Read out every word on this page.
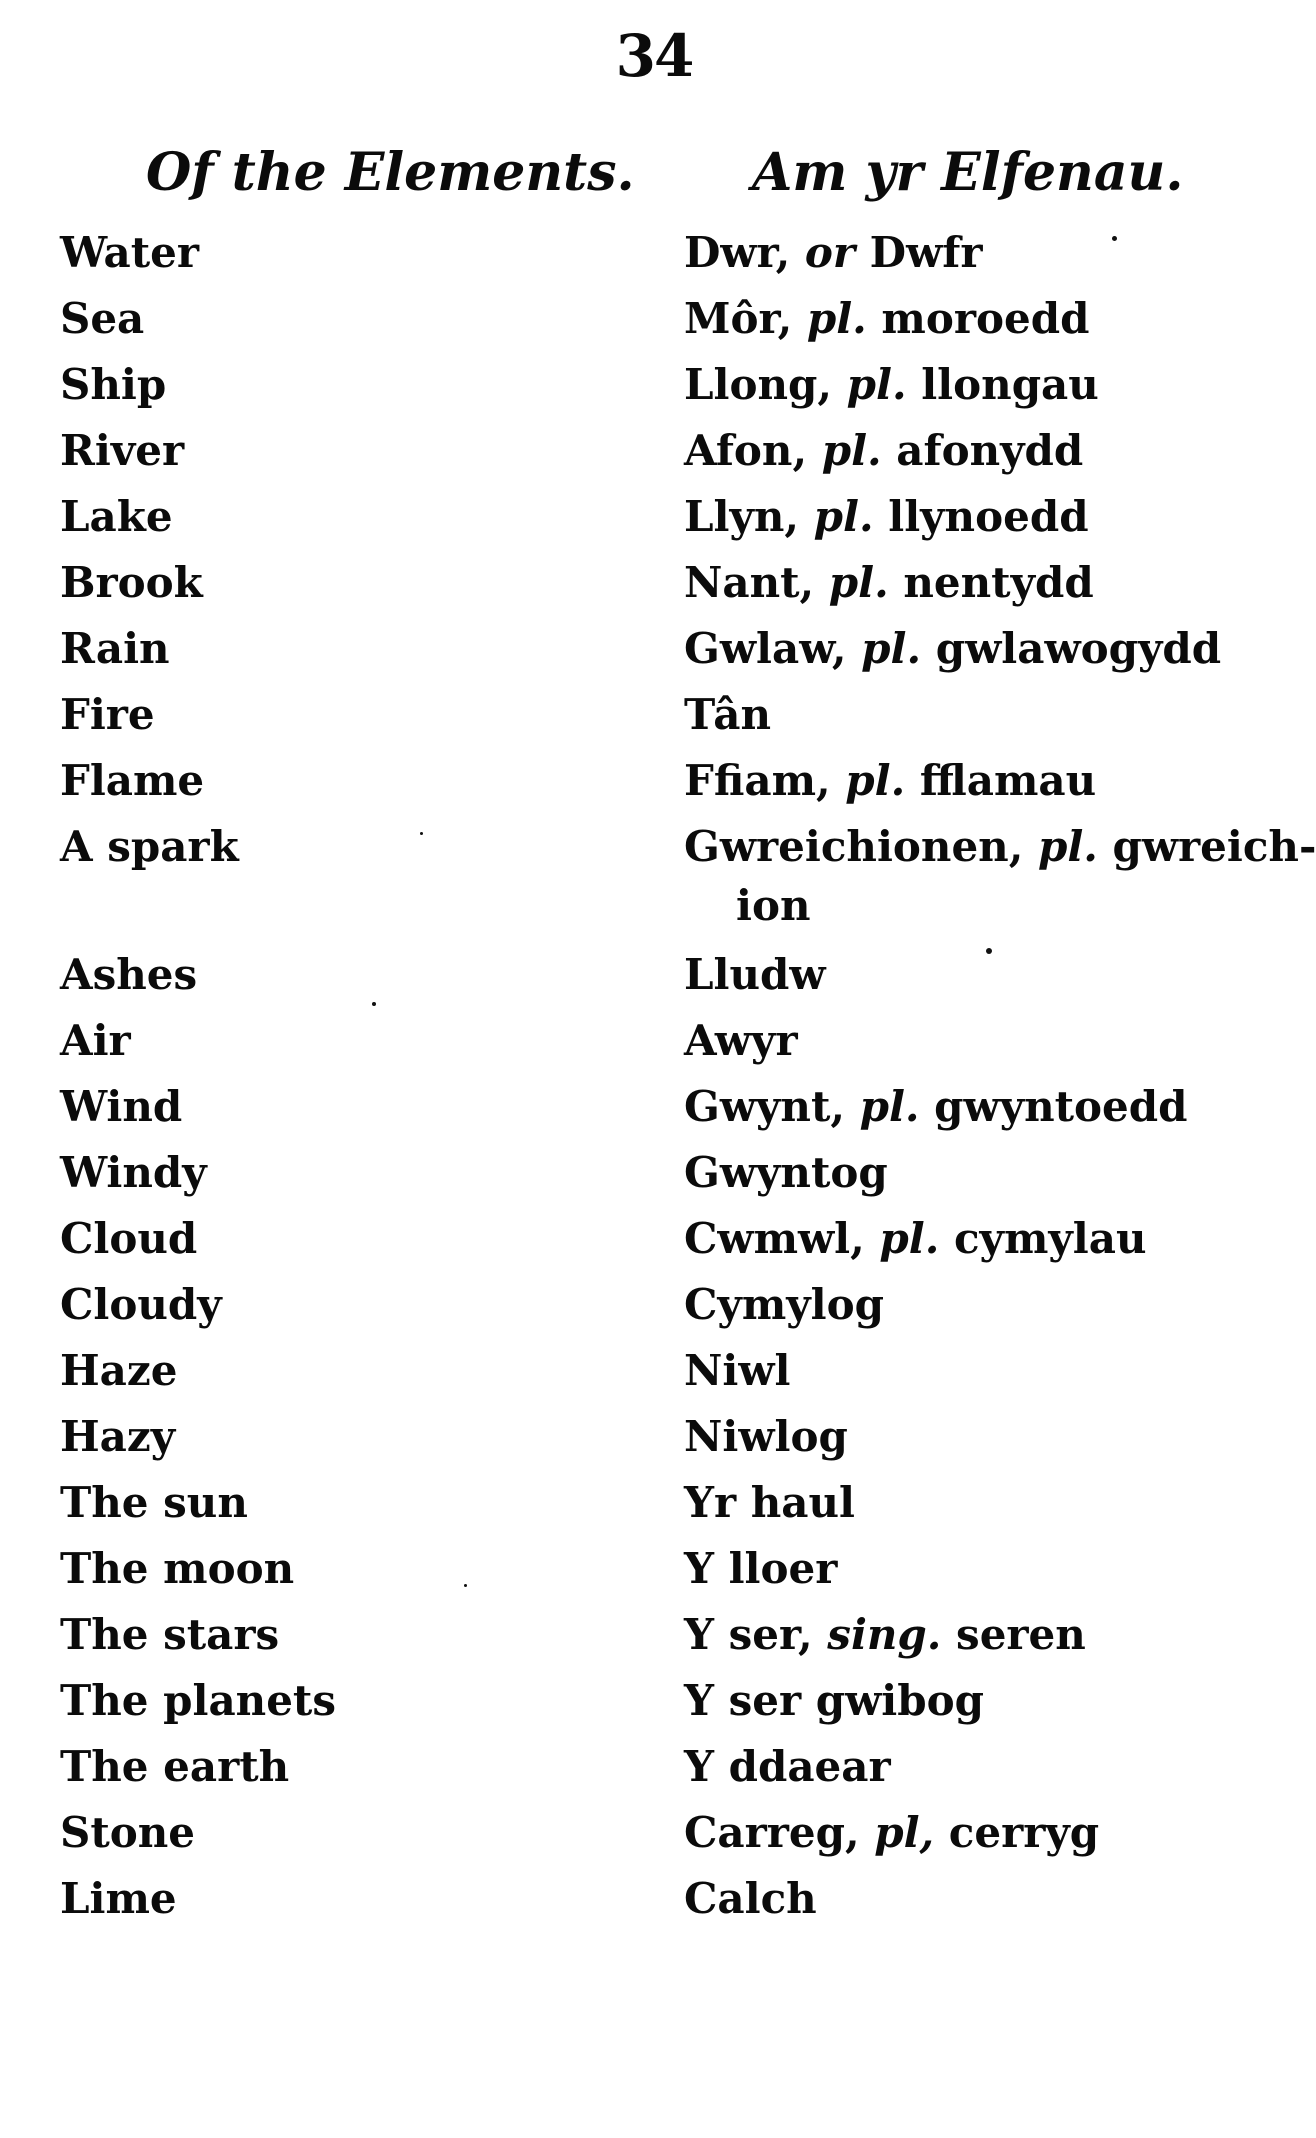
34
Of the Elements. Am yr Elfenau.
Water	Dwr, or Dwfr
Sea	Môr, pl. moroedd
Ship	Llong, pl. llongau
River	Afon, pl. afonydd
Lake	Llyn, pl. llynoedd
Brook	Nant, pl. nentydd
Rain	Gwlaw, pl. gwlawogydd
Fire	Tân
Flame	Ffiam, pl. fflamau
A spark	Gwreichionen, pl. gwreich-
ion
Ashes	Lludw
Air	Awyr
Wind	Gwynt, pl. gwyntoedd
Windy	Gwyntog
Cloud	Cwmwl, pl. cymylau
Cloudy	Cymylog
Haze	Niwl
Hazy	Niwlog
The sun	Yr haul
The moon	Y lloer
The stars	Y ser, sing. seren
The planets	Y ser gwibog
The earth	Y ddaear
Stone	Carreg, pl, cerryg
Lime	Calch
